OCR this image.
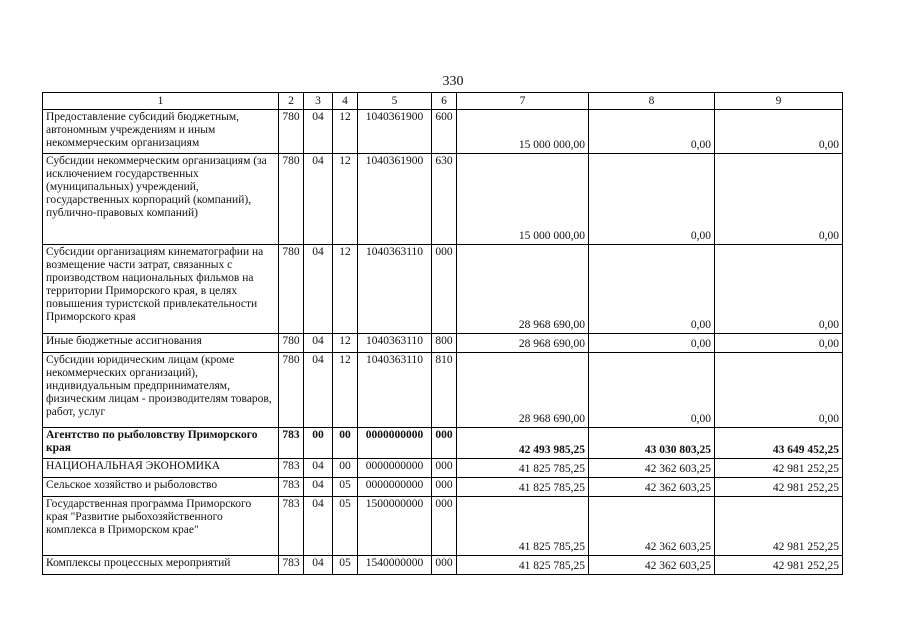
330
1	2	3	4	5	6	7	8	9
Предоставление субсидий бюджетным, автономным учреждениям и иным некоммерческим организациям	780	04	12	1040361900	600	15 000 000,00	0,00	0,00
Субсидии некоммерческим организациям (за исключением государственных (муниципальных) учреждений, государственных корпораций (компаний), публично-правовых компаний)	780	04	12	1040361900	630	15 000 000,00	0,00	0,00
Субсидии организациям кинематографии на возмещение части затрат, связанных с производством национальных фильмов на территории Приморского края, в целях повышения туристской привлекательности Приморского края	780	04	12	1040363110	000	28 968 690,00	0,00	0,00
Иные бюджетные ассигнования	780	04	12	1040363110	800	28 968 690,00	0,00	0,00
Субсидии юридическим лицам (кроме некоммерческих организаций), индивидуальным предпринимателям, физическим лицам - производителям товаров, работ, услуг	780	04	12	1040363110	810	28 968 690,00	0,00	0,00
Агентство по рыболовству Приморского края	783	00	00	0000000000	000	42 493 985,25	43 030 803,25	43 649 452,25
НАЦИОНАЛЬНАЯ ЭКОНОМИКА	783	04	00	0000000000	000	41 825 785,25	42 362 603,25	42 981 252,25
Сельское хозяйство и рыболовство	783	04	05	0000000000	000	41 825 785,25	42 362 603,25	42 981 252,25
Государственная программа Приморского края "Развитие рыбохозяйственного комплекса в Приморском крае"	783	04	05	1500000000	000	41 825 785,25	42 362 603,25	42 981 252,25
Комплексы процессных мероприятий	783	04	05	1540000000	000	41 825 785,25	42 362 603,25	42 981 252,25
